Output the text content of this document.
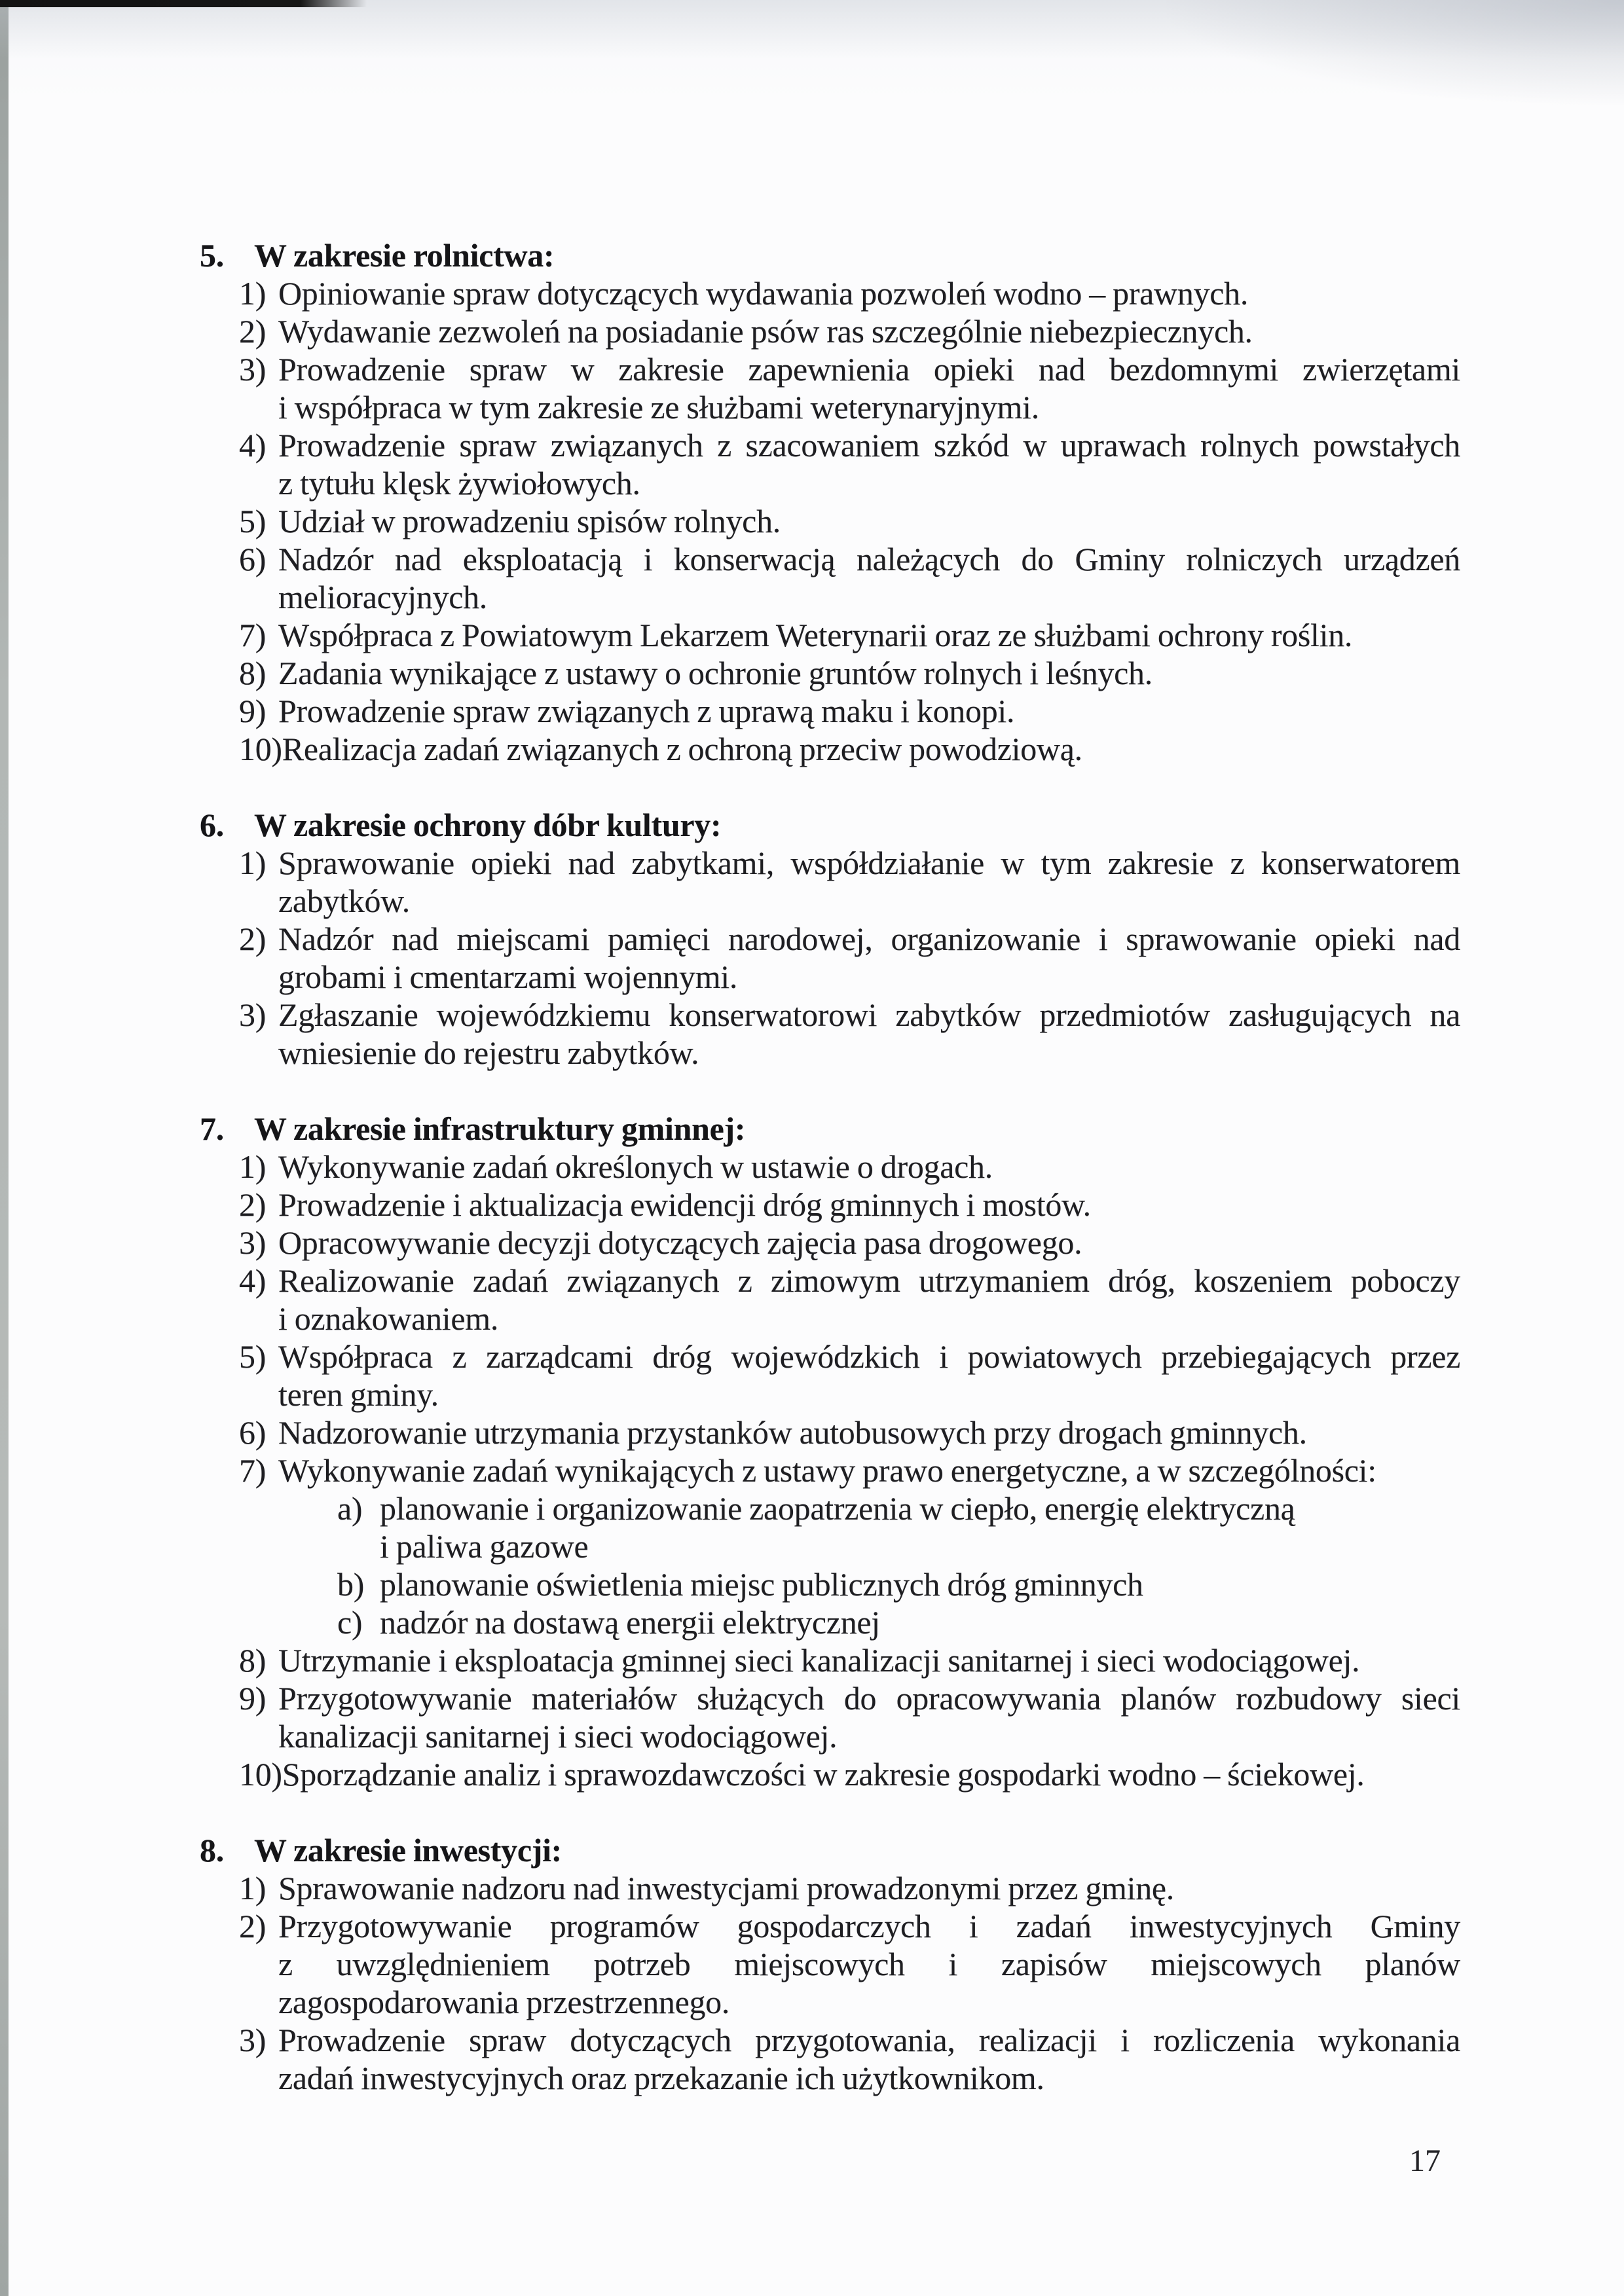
5. W zakresie rolnictwa:
1) Opiniowanie spraw dotyczących wydawania pozwoleń wodno – prawnych.
2) Wydawanie zezwoleń na posiadanie psów ras szczególnie niebezpiecznych.
3) Prowadzenie spraw w zakresie zapewnienia opieki nad bezdomnymi zwierzętami
i współpraca w tym zakresie ze służbami weterynaryjnymi.
4) Prowadzenie spraw związanych z szacowaniem szkód w uprawach rolnych powstałych
z tytułu klęsk żywiołowych.
5) Udział w prowadzeniu spisów rolnych.
6) Nadzór nad eksploatacją i konserwacją należących do Gminy rolniczych urządzeń
melioracyjnych.
7) Współpraca z Powiatowym Lekarzem Weterynarii oraz ze służbami ochrony roślin.
8) Zadania wynikające z ustawy o ochronie gruntów rolnych i leśnych.
9) Prowadzenie spraw związanych z uprawą maku i konopi.
10) Realizacja zadań związanych z ochroną przeciw powodziową.
6. W zakresie ochrony dóbr kultury:
1) Sprawowanie opieki nad zabytkami, współdziałanie w tym zakresie z konserwatorem
zabytków.
2) Nadzór nad miejscami pamięci narodowej, organizowanie i sprawowanie opieki nad
grobami i cmentarzami wojennymi.
3) Zgłaszanie wojewódzkiemu konserwatorowi zabytków przedmiotów zasługujących na
wniesienie do rejestru zabytków.
7. W zakresie infrastruktury gminnej:
1) Wykonywanie zadań określonych w ustawie o drogach.
2) Prowadzenie i aktualizacja ewidencji dróg gminnych i mostów.
3) Opracowywanie decyzji dotyczących zajęcia pasa drogowego.
4) Realizowanie zadań związanych z zimowym utrzymaniem dróg, koszeniem poboczy
i oznakowaniem.
5) Współpraca z zarządcami dróg wojewódzkich i powiatowych przebiegających przez
teren gminy.
6) Nadzorowanie utrzymania przystanków autobusowych przy drogach gminnych.
7) Wykonywanie zadań wynikających z ustawy prawo energetyczne, a w szczególności:
a) planowanie i organizowanie zaopatrzenia w ciepło, energię elektryczną
i paliwa gazowe
b) planowanie oświetlenia miejsc publicznych dróg gminnych
c) nadzór na dostawą energii elektrycznej
8) Utrzymanie i eksploatacja gminnej sieci kanalizacji sanitarnej i sieci wodociągowej.
9) Przygotowywanie materiałów służących do opracowywania planów rozbudowy sieci
kanalizacji sanitarnej i sieci wodociągowej.
10) Sporządzanie analiz i sprawozdawczości w zakresie gospodarki wodno – ściekowej.
8. W zakresie inwestycji:
1) Sprawowanie nadzoru nad inwestycjami prowadzonymi przez gminę.
2) Przygotowywanie programów gospodarczych i zadań inwestycyjnych Gminy
z uwzględnieniem potrzeb miejscowych i zapisów miejscowych planów
zagospodarowania przestrzennego.
3) Prowadzenie spraw dotyczących przygotowania, realizacji i rozliczenia wykonania
zadań inwestycyjnych oraz przekazanie ich użytkownikom.
17
